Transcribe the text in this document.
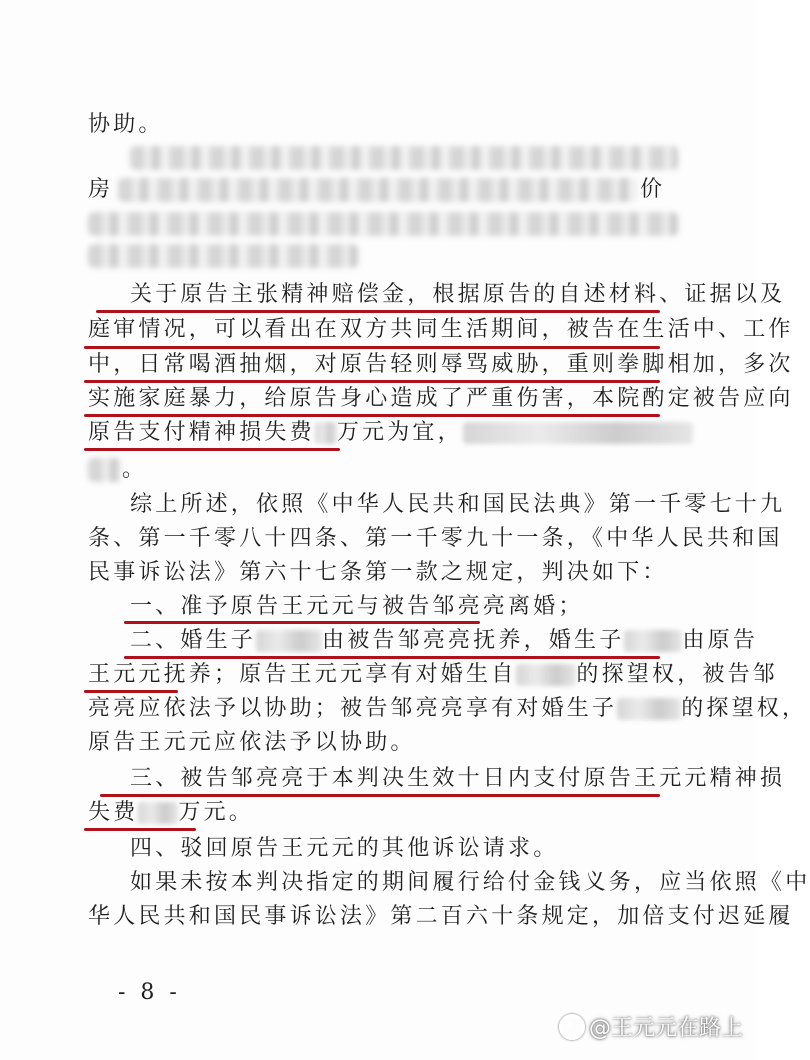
协助。
房	价
关于原告主张精神赔偿金，根据原告的自述材料、证据以及
庭审情况，可以看出在双方共同生活期间，被告在生活中、工作
中，日常喝酒抽烟，对原告轻则辱骂威胁，重则拳脚相加，多次
实施家庭暴力，给原告身心造成了严重伤害，本院酌定被告应向
原告支付精神损失费 万元为宜，
。
综上所述，依照《中华人民共和国民法典》第一千零七十九
条、第一千零八十四条、第一千零九十一条，《中华人民共和国
民事诉讼法》第六十七条第一款之规定，判决如下：
一、准予原告王元元与被告邹亮亮离婚；
二、婚生子	由被告邹亮亮抚养，婚生子	由原告
王元元抚养；原告王元元享有对婚生自	的探望权，被告邹
亮亮应依法予以协助；被告邹亮亮享有对婚生子	的探望权，
原告王元元应依法予以协助。
三、被告邹亮亮于本判决生效十日内支付原告王元元精神损
失费 万元。
四、驳回原告王元元的其他诉讼请求。
如果未按本判决指定的期间履行给付金钱义务，应当依照《中
华人民共和国民事诉讼法》第二百六十条规定，加倍支付迟延履
- 8 -
@王元元在路上
